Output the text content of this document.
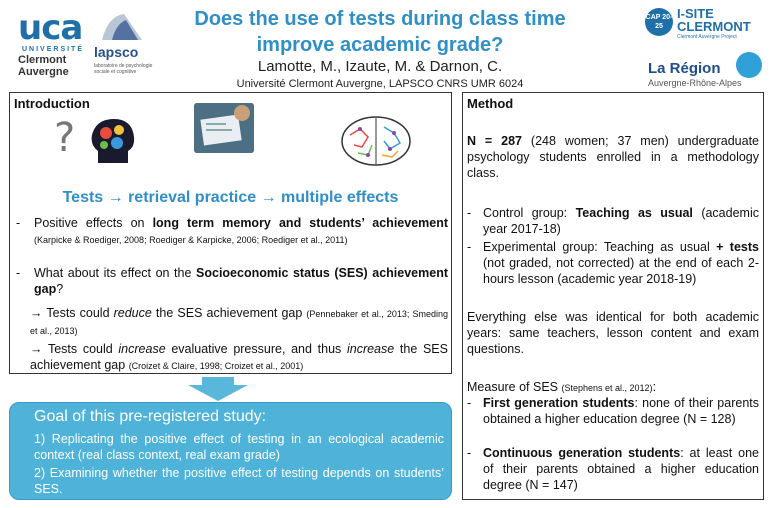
uca
UNIVERSITÉ
Clermont
Auvergne
lapsco
laboratoire de psychologie sociale et cognitive
Does the use of tests during class time
improve academic grade?
Lamotte, M., Izaute, M. & Darnon, C.
Université Clermont Auvergne, LAPSCO CNRS UMR 6024
CAP 20-25
I-SITE
CLERMONT
Clermont Auvergne Project
La Région
Auvergne-Rhône-Alpes
Introduction
?
Tests → retrieval practice → multiple effects
- Positive effects on long term memory and students’ achievement (Karpicke & Roediger, 2008; Roediger & Karpicke, 2006; Roediger et al., 2011)
- What about its effect on the Socioeconomic status (SES) achievement gap?
→ Tests could reduce the SES achievement gap (Pennebaker et al., 2013; Smeding et al., 2013)
→ Tests could increase evaluative pressure, and thus increase the SES achievement gap (Croizet & Claire, 1998; Croizet et al., 2001)
Goal of this pre-registered study:
1) Replicating the positive effect of testing in an ecological academic context (real class context, real exam grade)
2) Examining whether the positive effect of testing depends on students’ SES.
Method
N = 287 (248 women; 37 men) undergraduate psychology students enrolled in a methodology class.
- Control group: Teaching as usual (academic year 2017-18)
- Experimental group: Teaching as usual + tests (not graded, not corrected) at the end of each 2-hours lesson (academic year 2018-19)
Everything else was identical for both academic years: same teachers, lesson content and exam questions.
Measure of SES (Stephens et al., 2012):
- First generation students: none of their parents obtained a higher education degree (N = 128)
- Continuous generation students: at least one of their parents obtained a higher education degree (N = 147)
